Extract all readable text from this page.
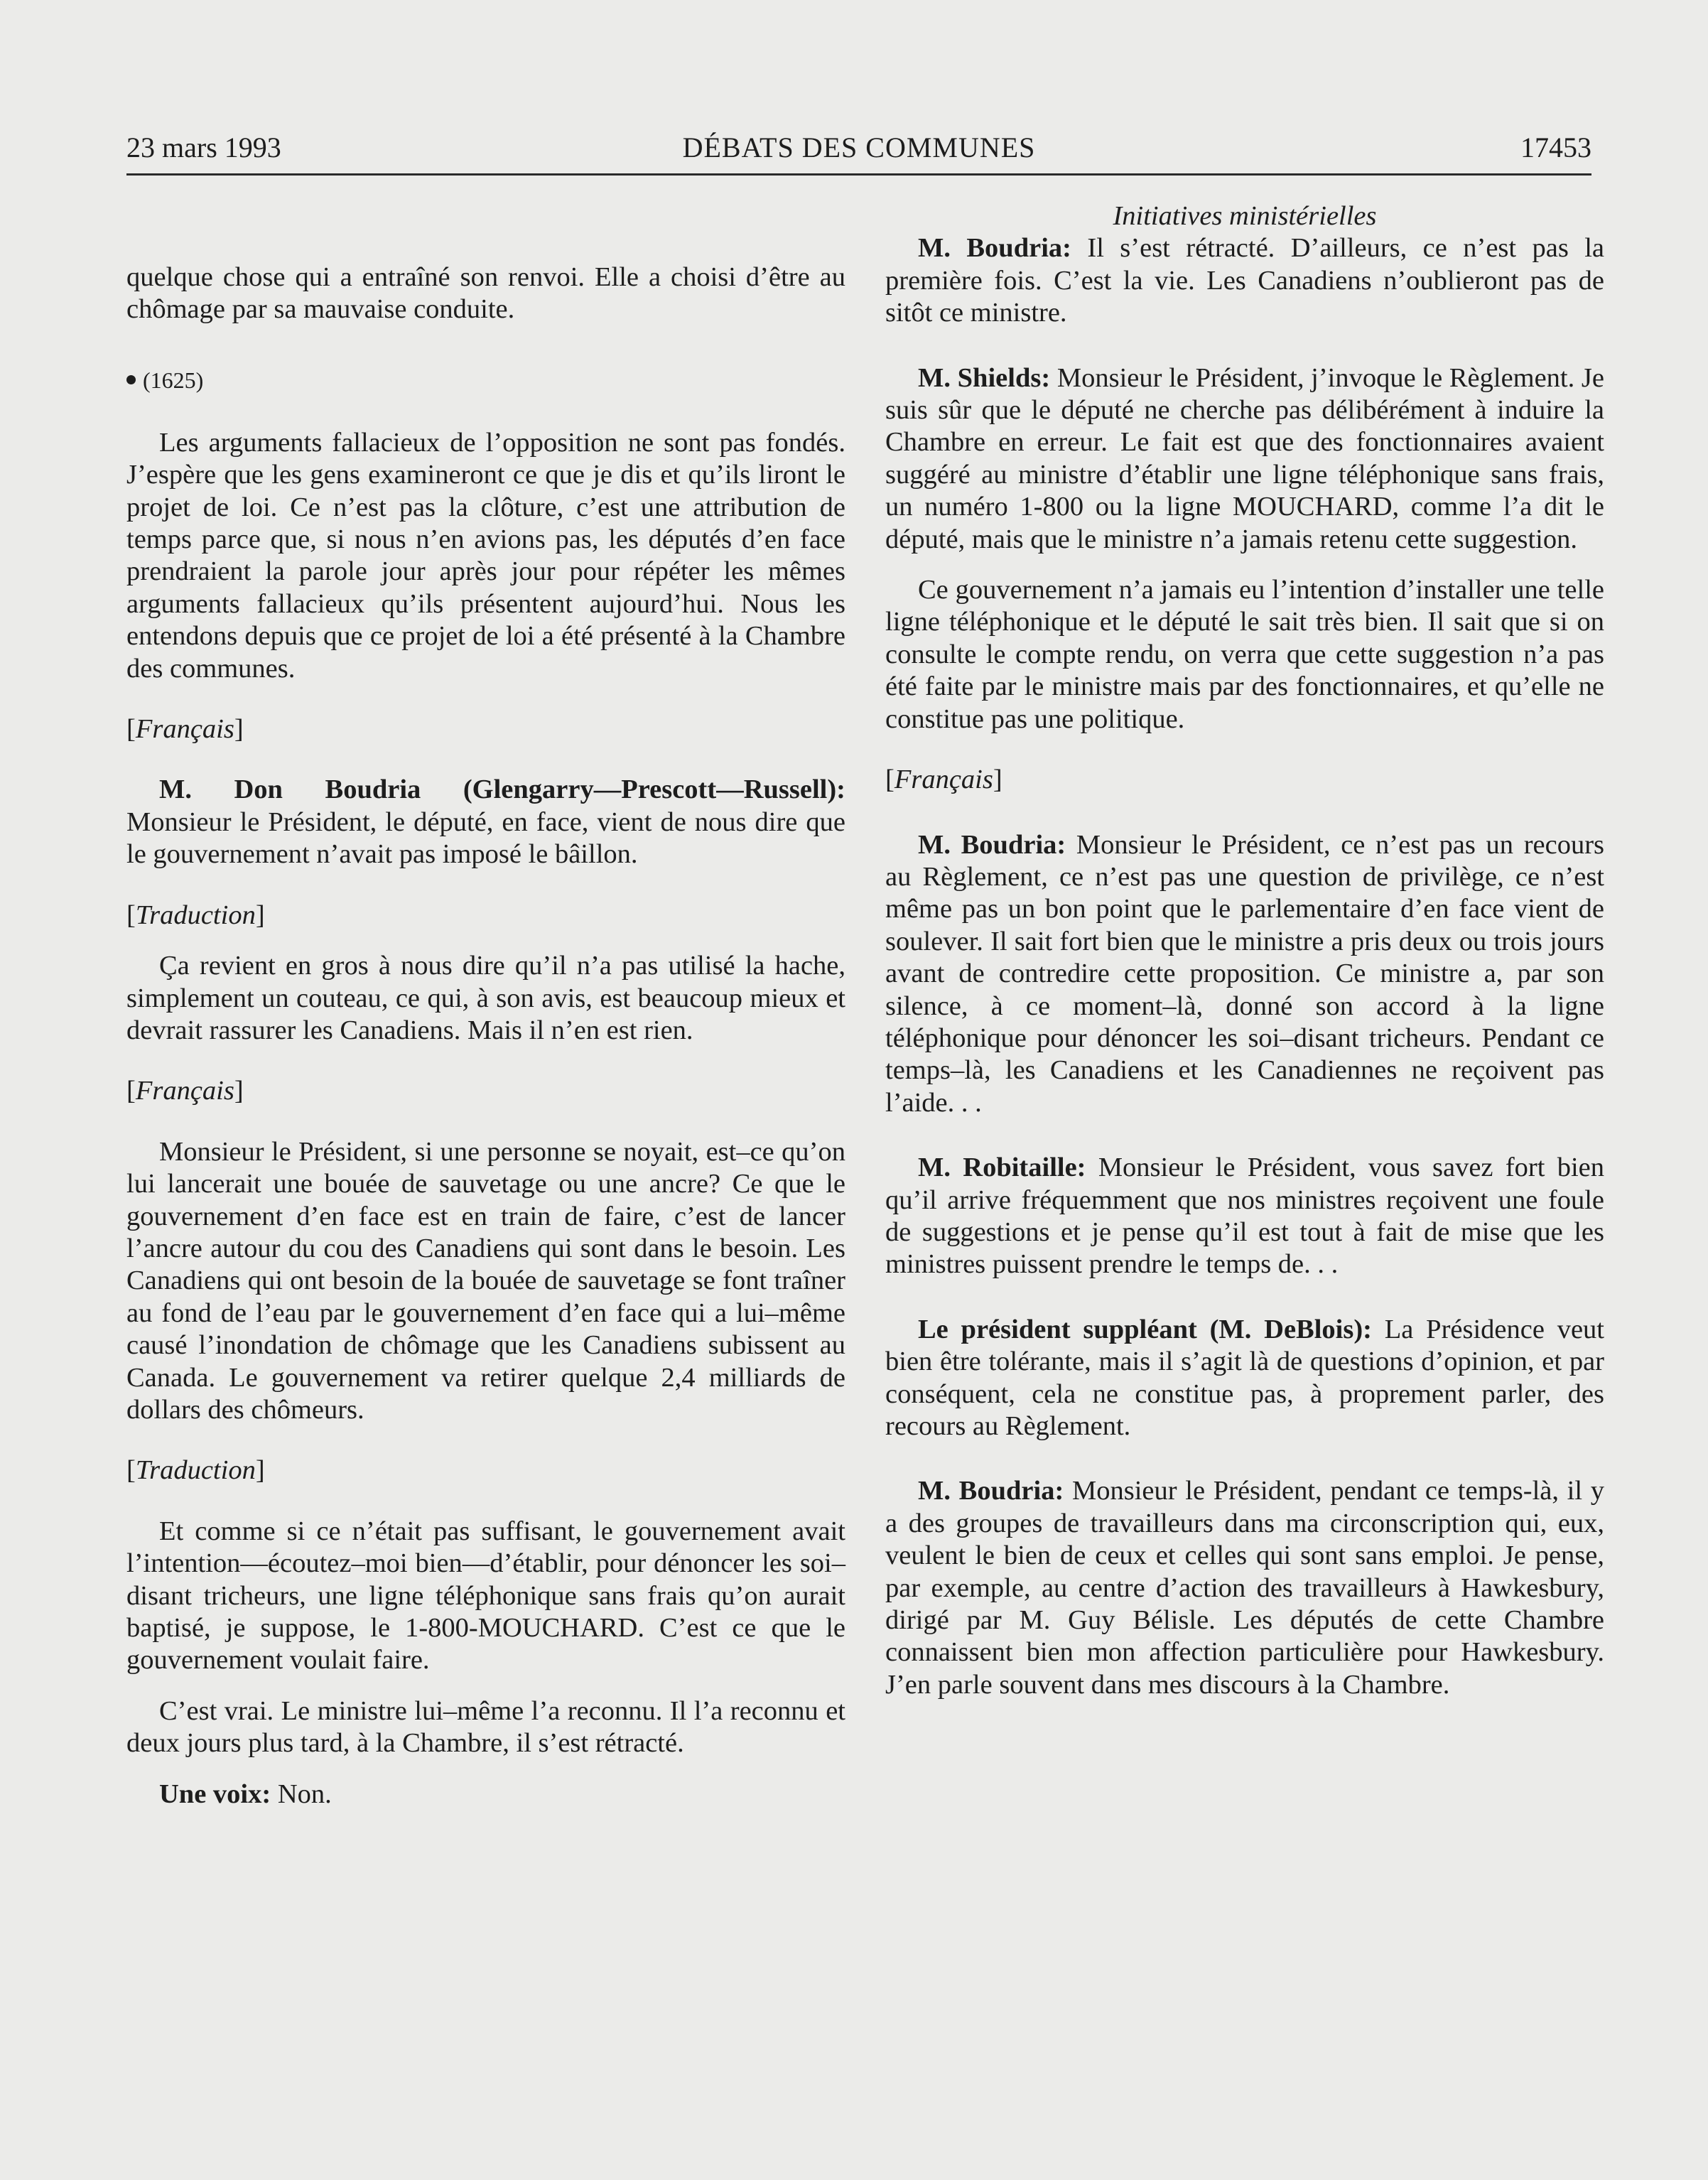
23 mars 1993	DÉBATS DES COMMUNES	17453

quelque chose qui a entraîné son renvoi. Elle a choisi d’être au chômage par sa mauvaise conduite.

(1625)

Les arguments fallacieux de l’opposition ne sont pas fondés. J’espère que les gens examineront ce que je dis et qu’ils liront le projet de loi. Ce n’est pas la clôture, c’est une attribution de temps parce que, si nous n’en avions pas, les députés d’en face prendraient la parole jour après jour pour répéter les mêmes arguments fallacieux qu’ils présentent aujourd’hui. Nous les entendons depuis que ce projet de loi a été présenté à la Chambre des communes.

[Français]

M. Don Boudria (Glengarry—Prescott—Russell): Monsieur le Président, le député, en face, vient de nous dire que le gouvernement n’avait pas imposé le bâillon.

[Traduction]

Ça revient en gros à nous dire qu’il n’a pas utilisé la hache, simplement un couteau, ce qui, à son avis, est beaucoup mieux et devrait rassurer les Canadiens. Mais il n’en est rien.

[Français]

Monsieur le Président, si une personne se noyait, est–ce qu’on lui lancerait une bouée de sauvetage ou une ancre? Ce que le gouvernement d’en face est en train de faire, c’est de lancer l’ancre autour du cou des Canadiens qui sont dans le besoin. Les Canadiens qui ont besoin de la bouée de sauvetage se font traîner au fond de l’eau par le gouvernement d’en face qui a lui–même causé l’inondation de chômage que les Canadiens subissent au Canada. Le gouvernement va retirer quelque 2,4 milliards de dollars des chômeurs.

[Traduction]

Et comme si ce n’était pas suffisant, le gouvernement avait l’intention—écoutez–moi bien—d’établir, pour dénoncer les soi–disant tricheurs, une ligne téléphonique sans frais qu’on aurait baptisé, je suppose, le 1-800-MOUCHARD. C’est ce que le gouvernement voulait faire.

C’est vrai. Le ministre lui–même l’a reconnu. Il l’a reconnu et deux jours plus tard, à la Chambre, il s’est rétracté.

Une voix: Non.

Initiatives ministérielles

M. Boudria: Il s’est rétracté. D’ailleurs, ce n’est pas la première fois. C’est la vie. Les Canadiens n’oublieront pas de sitôt ce ministre.

M. Shields: Monsieur le Président, j’invoque le Règlement. Je suis sûr que le député ne cherche pas délibérément à induire la Chambre en erreur. Le fait est que des fonctionnaires avaient suggéré au ministre d’établir une ligne téléphonique sans frais, un numéro 1-800 ou la ligne MOUCHARD, comme l’a dit le député, mais que le ministre n’a jamais retenu cette suggestion.

Ce gouvernement n’a jamais eu l’intention d’installer une telle ligne téléphonique et le député le sait très bien. Il sait que si on consulte le compte rendu, on verra que cette suggestion n’a pas été faite par le ministre mais par des fonctionnaires, et qu’elle ne constitue pas une politique.

[Français]

M. Boudria: Monsieur le Président, ce n’est pas un recours au Règlement, ce n’est pas une question de privilège, ce n’est même pas un bon point que le parlementaire d’en face vient de soulever. Il sait fort bien que le ministre a pris deux ou trois jours avant de contredire cette proposition. Ce ministre a, par son silence, à ce moment–là, donné son accord à la ligne téléphonique pour dénoncer les soi–disant tricheurs. Pendant ce temps–là, les Canadiens et les Canadiennes ne reçoivent pas l’aide. . .

M. Robitaille: Monsieur le Président, vous savez fort bien qu’il arrive fréquemment que nos ministres reçoivent une foule de suggestions et je pense qu’il est tout à fait de mise que les ministres puissent prendre le temps de. . .

Le président suppléant (M. DeBlois): La Présidence veut bien être tolérante, mais il s’agit là de questions d’opinion, et par conséquent, cela ne constitue pas, à proprement parler, des recours au Règlement.

M. Boudria: Monsieur le Président, pendant ce temps-là, il y a des groupes de travailleurs dans ma circonscription qui, eux, veulent le bien de ceux et celles qui sont sans emploi. Je pense, par exemple, au centre d’action des travailleurs à Hawkesbury, dirigé par M. Guy Bélisle. Les députés de cette Chambre connaissent bien mon affection particulière pour Hawkesbury. J’en parle souvent dans mes discours à la Chambre.
